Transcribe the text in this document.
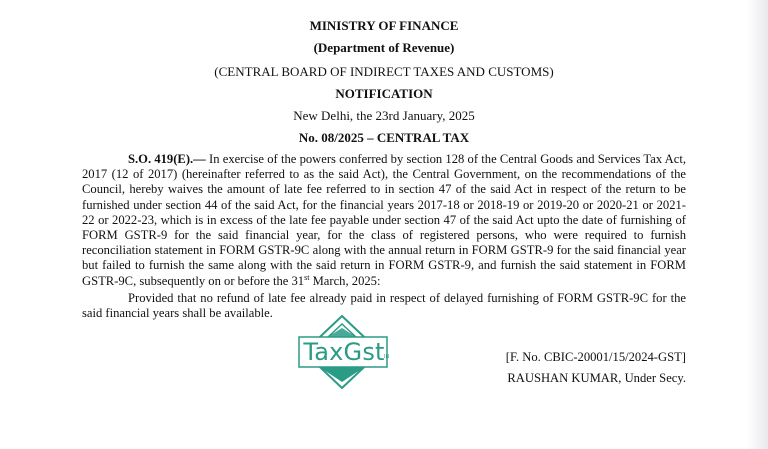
MINISTRY OF FINANCE
(Department of Revenue)
(CENTRAL BOARD OF INDIRECT TAXES AND CUSTOMS)
NOTIFICATION
New Delhi, the 23rd January, 2025
No. 08/2025 – CENTRAL TAX
S.O. 419(E).— In exercise of the powers conferred by section 128 of the Central Goods and Services Tax Act, 2017 (12 of 2017) (hereinafter referred to as the said Act), the Central Government, on the recommendations of the Council, hereby waives the amount of late fee referred to in section 47 of the said Act in respect of the return to be furnished under section 44 of the said Act, for the financial years 2017-18 or 2018-19 or 2019-20 or 2020-21 or 2021-22 or 2022-23, which is in excess of the late fee payable under section 47 of the said Act upto the date of furnishing of FORM GSTR-9 for the said financial year, for the class of registered persons, who were required to furnish reconciliation statement in FORM GSTR-9C along with the annual return in FORM GSTR-9 for the said financial year but failed to furnish the same along with the said return in FORM GSTR-9, and furnish the said statement in FORM GSTR-9C, subsequently on or before the 31st March, 2025:
Provided that no refund of late fee already paid in respect of delayed furnishing of FORM GSTR-9C for the said financial years shall be available.
[F. No. CBIC-20001/15/2024-GST]
RAUSHAN KUMAR, Under Secy.
TaxGst IN
